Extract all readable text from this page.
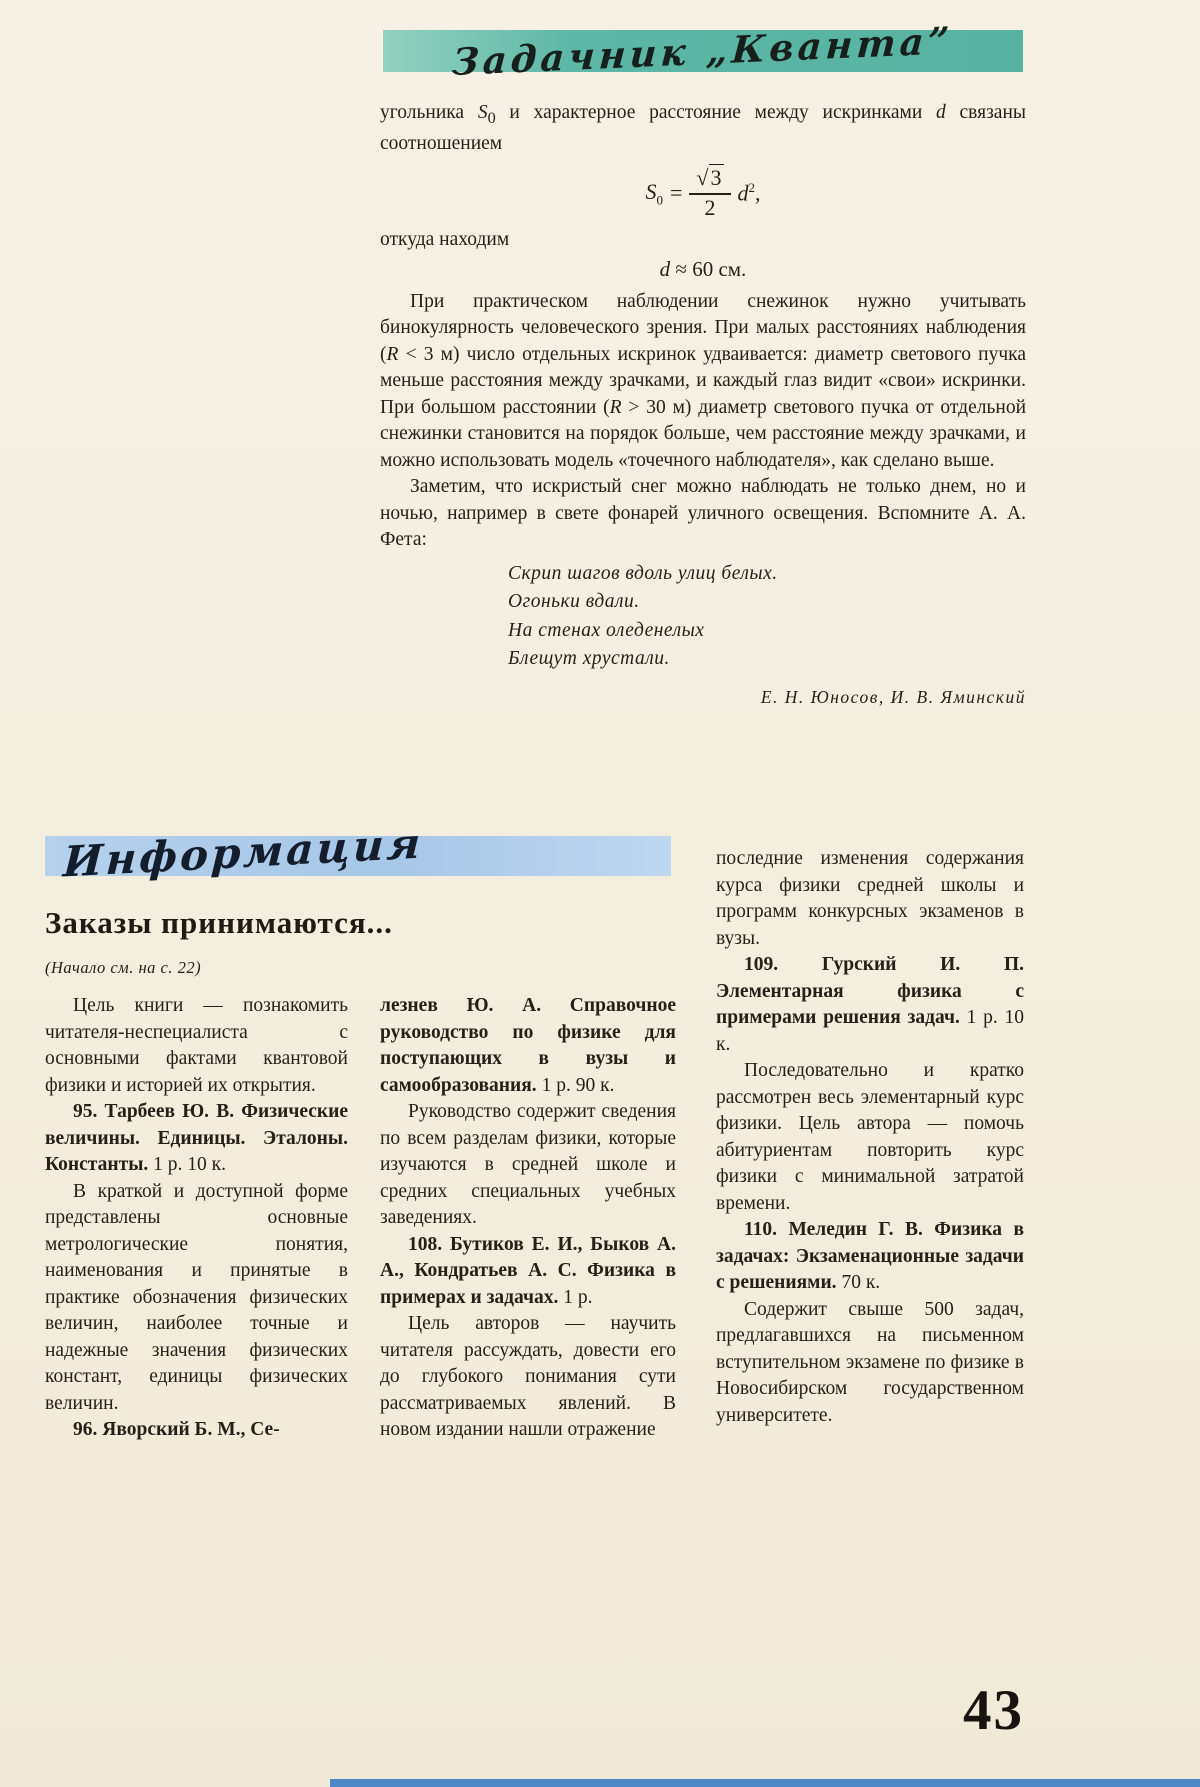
Задачник „Кванта”

угольника $S_0$ и характерное расстояние между искринками d связаны соотношением

$S_0 = \frac{√3}{2} d^2$,

откуда находим

d ≈ 60 см.

При практическом наблюдении снежинок нужно учитывать бинокулярность человеческого зрения. При малых расстояниях наблюдения (R < 3 м) число отдельных искринок удваивается: диаметр светового пучка меньше расстояния между зрачками, и каждый глаз видит «свои» искринки. При большом расстоянии (R > 30 м) диаметр светового пучка от отдельной снежинки становится на порядок больше, чем расстояние между зрачками, и можно использовать модель «точечного наблюдателя», как сделано выше.

Заметим, что искристый снег можно наблюдать не только днем, но и ночью, например в свете фонарей уличного освещения. Вспомните А. А. Фета:

Скрип шагов вдоль улиц белых.
Огоньки вдали.
На стенах оледенелых
Блещут хрустали.
Е. Н. Юносов, И. В. Яминский
Информация
Заказы принимаются...
(Начало см. на с. 22)
Цель книги — познакомить читателя-неспециалиста с основными фактами квантовой физики и историей их открытия.
95. Тарбеев Ю. В. Физические величины. Единицы. Эталоны. Константы. 1 р. 10 к.
В краткой и доступной форме представлены основные метрологические понятия, наименования и принятые в практике обозначения физических величин, наиболее точные и надежные значения физических констант, единицы физических величин.
96. Яворский Б. М., Се-
лезнев Ю. А. Справочное руководство по физике для поступающих в вузы и самообразования. 1 р. 90 к.
Руководство содержит сведения по всем разделам физики, которые изучаются в средней школе и средних специальных учебных заведениях.
108. Бутиков Е. И., Быков А. А., Кондратьев А. С. Физика в примерах и задачах. 1 р.
Цель авторов — научить читателя рассуждать, довести его до глубокого понимания сути рассматриваемых явлений. В новом издании нашли отражение
последние изменения содержания курса физики средней школы и программ конкурсных экзаменов в вузы.
109. Гурский И. П. Элементарная физика с примерами решения задач. 1 р. 10 к.
Последовательно и кратко рассмотрен весь элементарный курс физики. Цель автора — помочь абитуриентам повторить курс физики с минимальной затратой времени.
110. Меледин Г. В. Физика в задачах: Экзаменационные задачи с решениями. 70 к.
Содержит свыше 500 задач, предлагавшихся на письменном вступительном экзамене по физике в Новосибирском государственном университете.
43
